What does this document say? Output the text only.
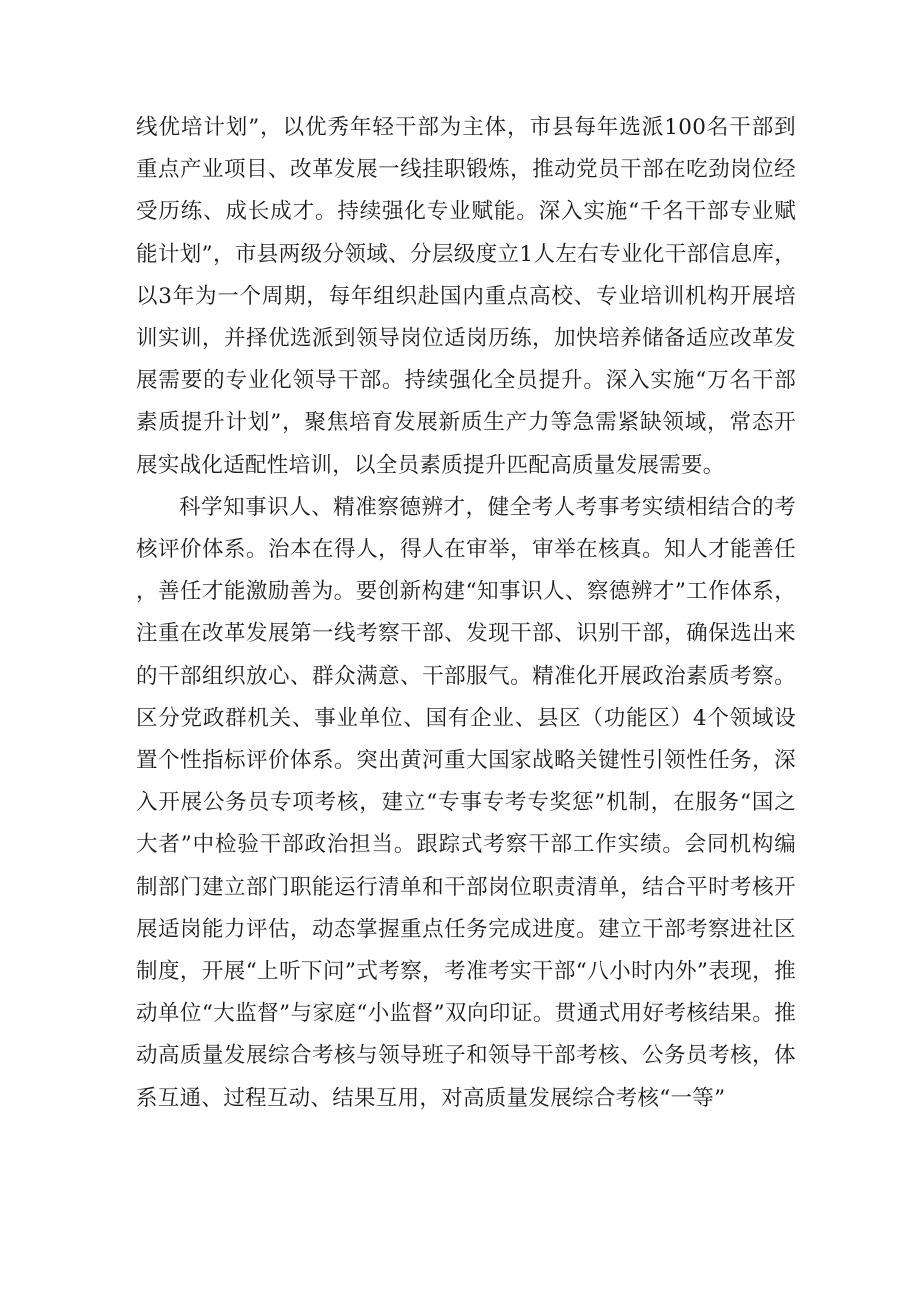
线优培计划”，以优秀年轻干部为主体，市县每年选派100名干部到重点产业项目、改革发展一线挂职锻炼，推动党员干部在吃劲岗位经受历练、成长成才。持续强化专业赋能。深入实施“千名干部专业赋能计划”，市县两级分领域、分层级度立1人左右专业化干部信息库，以3年为一个周期，每年组织赴国内重点高校、专业培训机构开展培训实训，并择优选派到领导岗位适岗历练，加快培养储备适应改革发展需要的专业化领导干部。持续强化全员提升。深入实施“万名干部素质提升计划”，聚焦培育发展新质生产力等急需紧缺领域，常态开展实战化适配性培训，以全员素质提升匹配高质量发展需要。

科学知事识人、精准察德辨才，健全考人考事考实绩相结合的考核评价体系。治本在得人，得人在审举，审举在核真。知人才能善任，善任才能激励善为。要创新构建“知事识人、察德辨才”工作体系，注重在改革发展第一线考察干部、发现干部、识别干部，确保选出来的干部组织放心、群众满意、干部服气。精准化开展政治素质考察。区分党政群机关、事业单位、国有企业、县区（功能区）4个领域设置个性指标评价体系。突出黄河重大国家战略关键性引领性任务，深入开展公务员专项考核，建立“专事专考专奖惩”机制，在服务“国之大者”中检验干部政治担当。跟踪式考察干部工作实绩。会同机构编制部门建立部门职能运行清单和干部岗位职责清单，结合平时考核开展适岗能力评估，动态掌握重点任务完成进度。建立干部考察进社区制度，开展“上听下问”式考察，考准考实干部“八小时内外”表现，推动单位“大监督”与家庭“小监督”双向印证。贯通式用好考核结果。推动高质量发展综合考核与领导班子和领导干部考核、公务员考核，体系互通、过程互动、结果互用，对高质量发展综合考核“一等”
